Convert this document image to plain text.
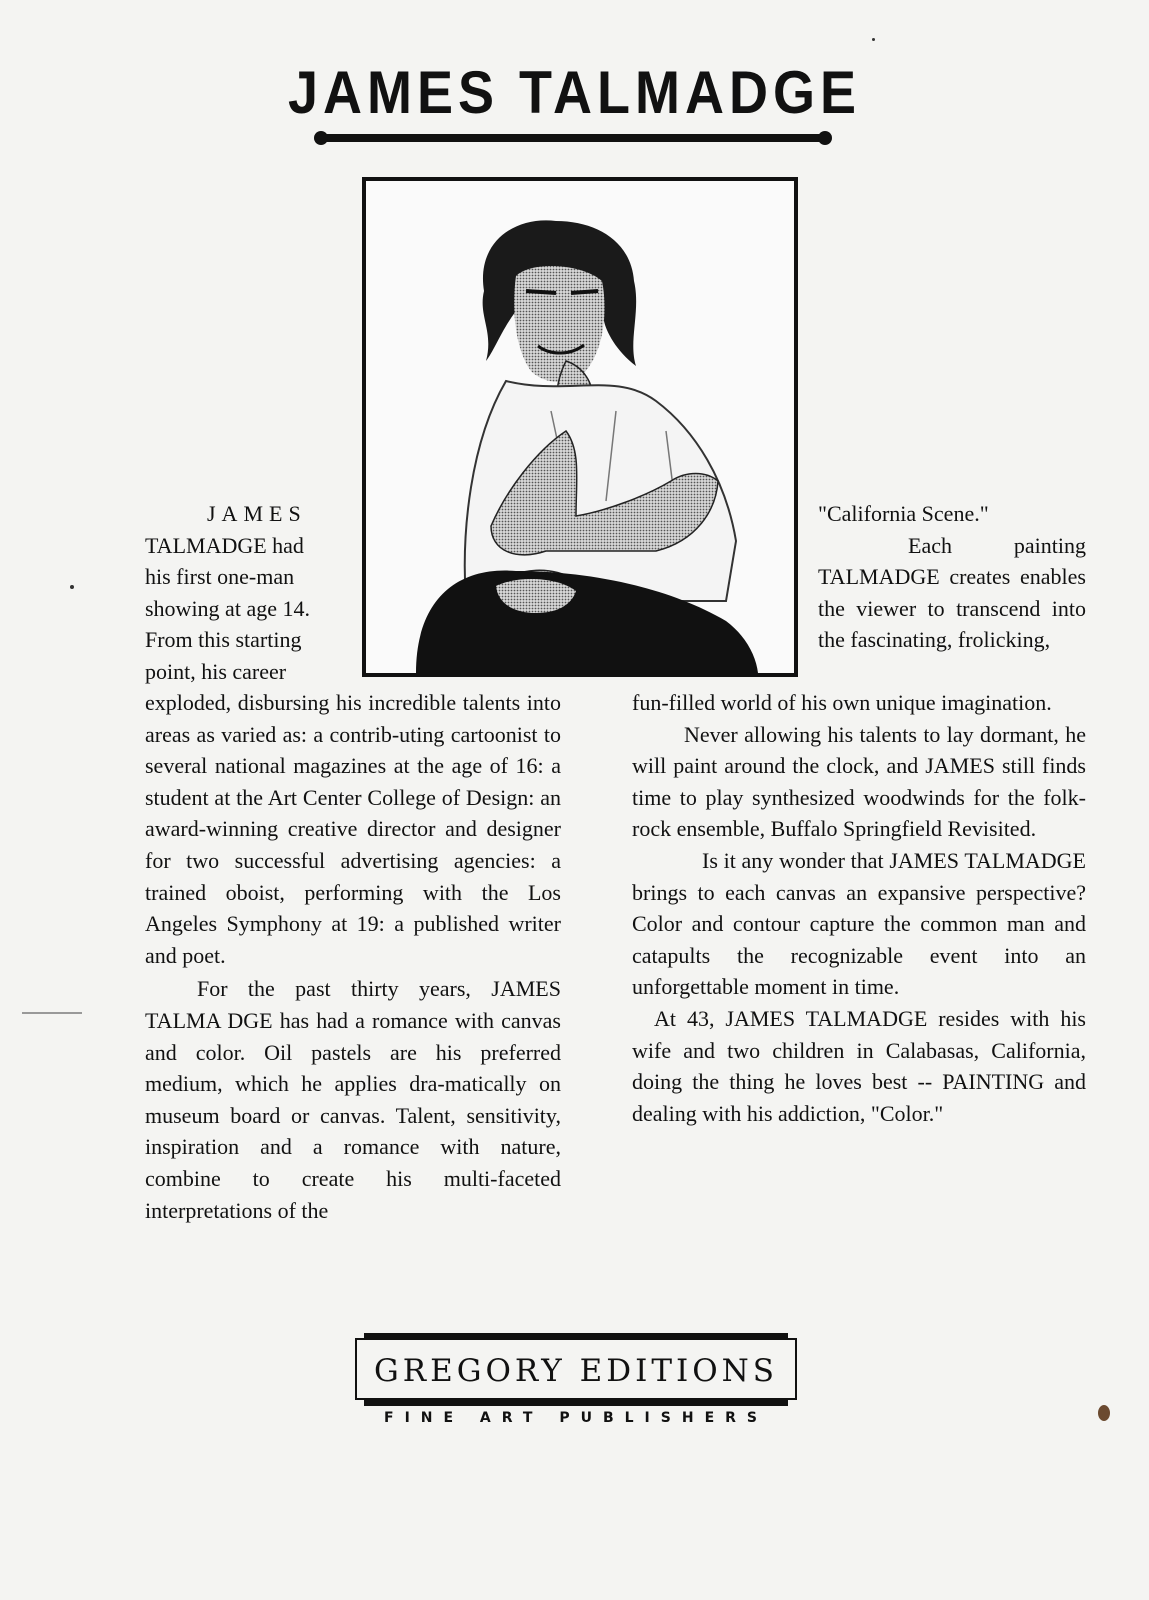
JAMES TALMADGE

JAMES

TALMADGE had

his first one-man

showing at age 14.

From this starting

point, his career

exploded, disbursing his incredible talents into areas as varied as: a contrib-uting cartoonist to several national magazines at the age of 16: a student at the Art Center College of Design: an award-winning creative director and designer for two successful advertising agencies: a trained oboist, performing with the Los Angeles Symphony at 19: a published writer and poet.

For the past thirty years, JAMES TALMA DGE has had a romance with canvas and color. Oil pastels are his preferred medium, which he applies dra-matically on museum board or canvas. Talent, sensitivity, inspiration and a romance with nature, combine to create his multi-faceted interpretations of the

"California Scene."

Each painting TALMADGE creates enables the viewer to transcend into the fascinating, frolicking,

fun-filled world of his own unique imagination.

Never allowing his talents to lay dormant, he will paint around the clock, and JAMES still finds time to play synthesized woodwinds for the folk-rock ensemble, Buffalo Springfield Revisited.

Is it any wonder that JAMES TALMADGE brings to each canvas an expansive perspective? Color and contour capture the common man and catapults the recognizable event into an unforgettable moment in time.

At 43, JAMES TALMADGE resides with his wife and two children in Calabasas, California, doing the thing he loves best -- PAINTING and dealing with his addiction, "Color."

GREGORY EDITIONS
FINE ART PUBLISHERS
